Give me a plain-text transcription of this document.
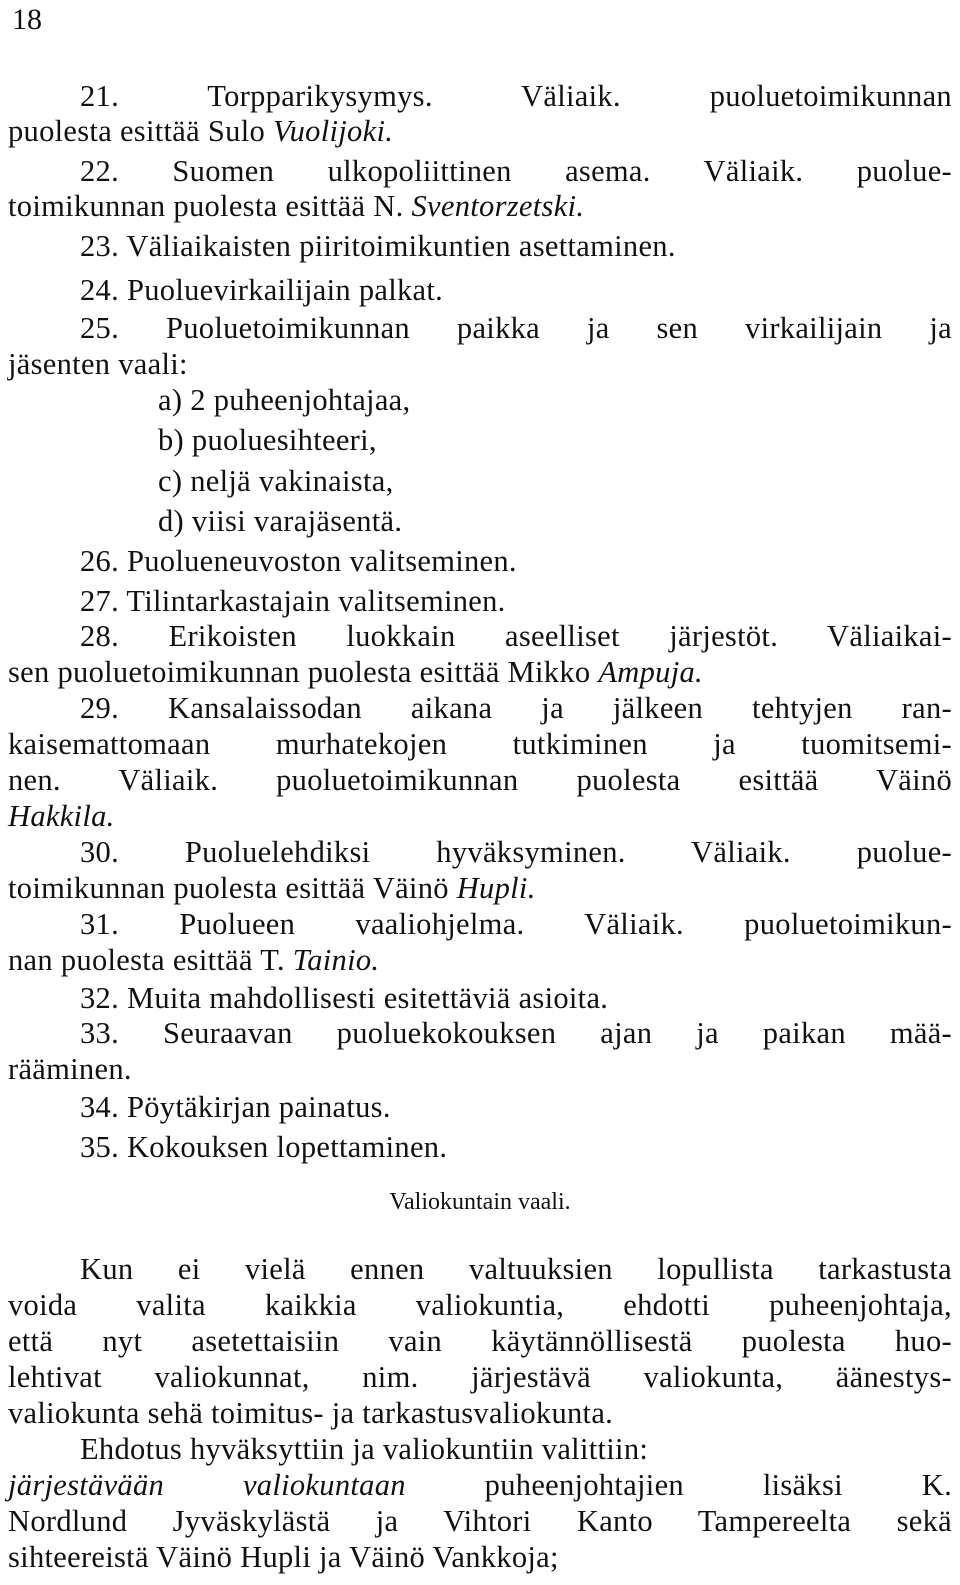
18
21. Torpparikysymys. Väliaik. puoluetoimikunnan
puolesta esittää Sulo Vuolijoki.
22. Suomen ulkopoliittinen asema. Väliaik. puolue-
toimikunnan puolesta esittää N. Sventorzetski.
23. Väliaikaisten piiritoimikuntien asettaminen.
24. Puoluevirkailijain palkat.
25. Puoluetoimikunnan paikka ja sen virkailijain ja
jäsenten vaali:
a) 2 puheenjohtajaa,
b) puoluesihteeri,
c) neljä vakinaista,
d) viisi varajäsentä.
26. Puolueneuvoston valitseminen.
27. Tilintarkastajain valitseminen.
28. Erikoisten luokkain aseelliset järjestöt. Väliaikai-
sen puoluetoimikunnan puolesta esittää Mikko Ampuja.
29. Kansalaissodan aikana ja jälkeen tehtyjen ran-
kaisemattomaan murhatekojen tutkiminen ja tuomitsemi-
nen. Väliaik. puoluetoimikunnan puolesta esittää Väinö
Hakkila.
30. Puoluelehdiksi hyväksyminen. Väliaik. puolue-
toimikunnan puolesta esittää Väinö Hupli.
31. Puolueen vaaliohjelma. Väliaik. puoluetoimikun-
nan puolesta esittää T. Tainio.
32. Muita mahdollisesti esitettäviä asioita.
33. Seuraavan puoluekokouksen ajan ja paikan mää-
rääminen.
34. Pöytäkirjan painatus.
35. Kokouksen lopettaminen.
Valiokuntain vaali.
Kun ei vielä ennen valtuuksien lopullista tarkastusta
voida valita kaikkia valiokuntia, ehdotti puheenjohtaja,
että nyt asetettaisiin vain käytännöllisestä puolesta huo-
lehtivat valiokunnat, nim. järjestävä valiokunta, äänestys-
valiokunta sehä toimitus- ja tarkastusvaliokunta.
Ehdotus hyväksyttiin ja valiokuntiin valittiin:
järjestävään valiokuntaan puheenjohtajien lisäksi K.
Nordlund Jyväskylästä ja Vihtori Kanto Tampereelta sekä
sihteereistä Väinö Hupli ja Väinö Vankkoja;
